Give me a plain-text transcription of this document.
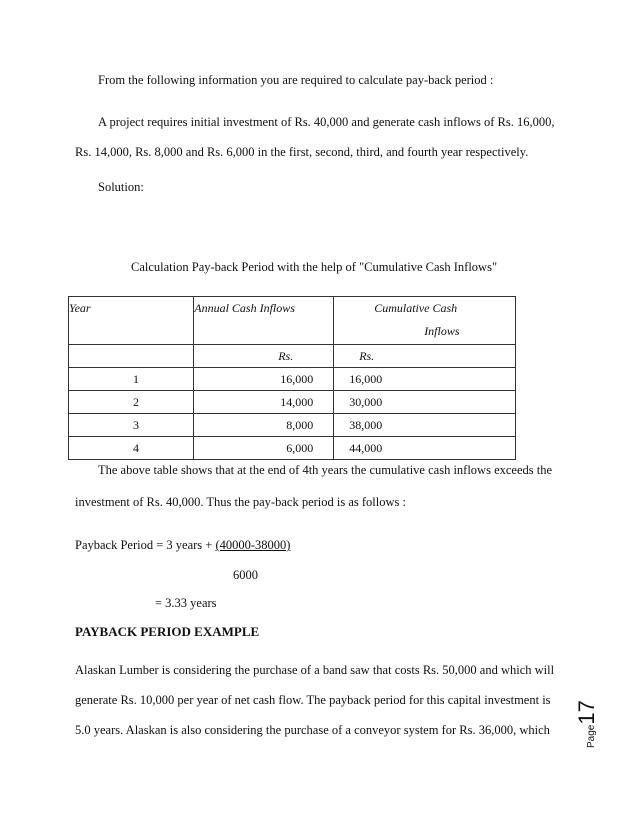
From the following information you are required to calculate pay-back period :
A project requires initial investment of Rs. 40,000 and generate cash inflows of Rs. 16,000,
Rs. 14,000, Rs. 8,000 and Rs. 6,000 in the first, second, third, and fourth year respectively.
Solution:
Calculation Pay-back Period with the help of "Cumulative Cash Inflows"
Year	Annual Cash Inflows	Cumulative Cash
Inflows

	Rs.	Rs.
1	16,000	16,000
2	14,000	30,000
3	8,000	38,000
4	6,000	44,000
The above table shows that at the end of 4th years the cumulative cash inflows exceeds the
investment of Rs. 40,000. Thus the pay-back period is as follows :
Payback Period = 3 years + (40000-38000)
6000
= 3.33 years
PAYBACK PERIOD EXAMPLE
Alaskan Lumber is considering the purchase of a band saw that costs Rs. 50,000 and which will
generate Rs. 10,000 per year of net cash flow. The payback period for this capital investment is
5.0 years. Alaskan is also considering the purchase of a conveyor system for Rs. 36,000, which	Page17
